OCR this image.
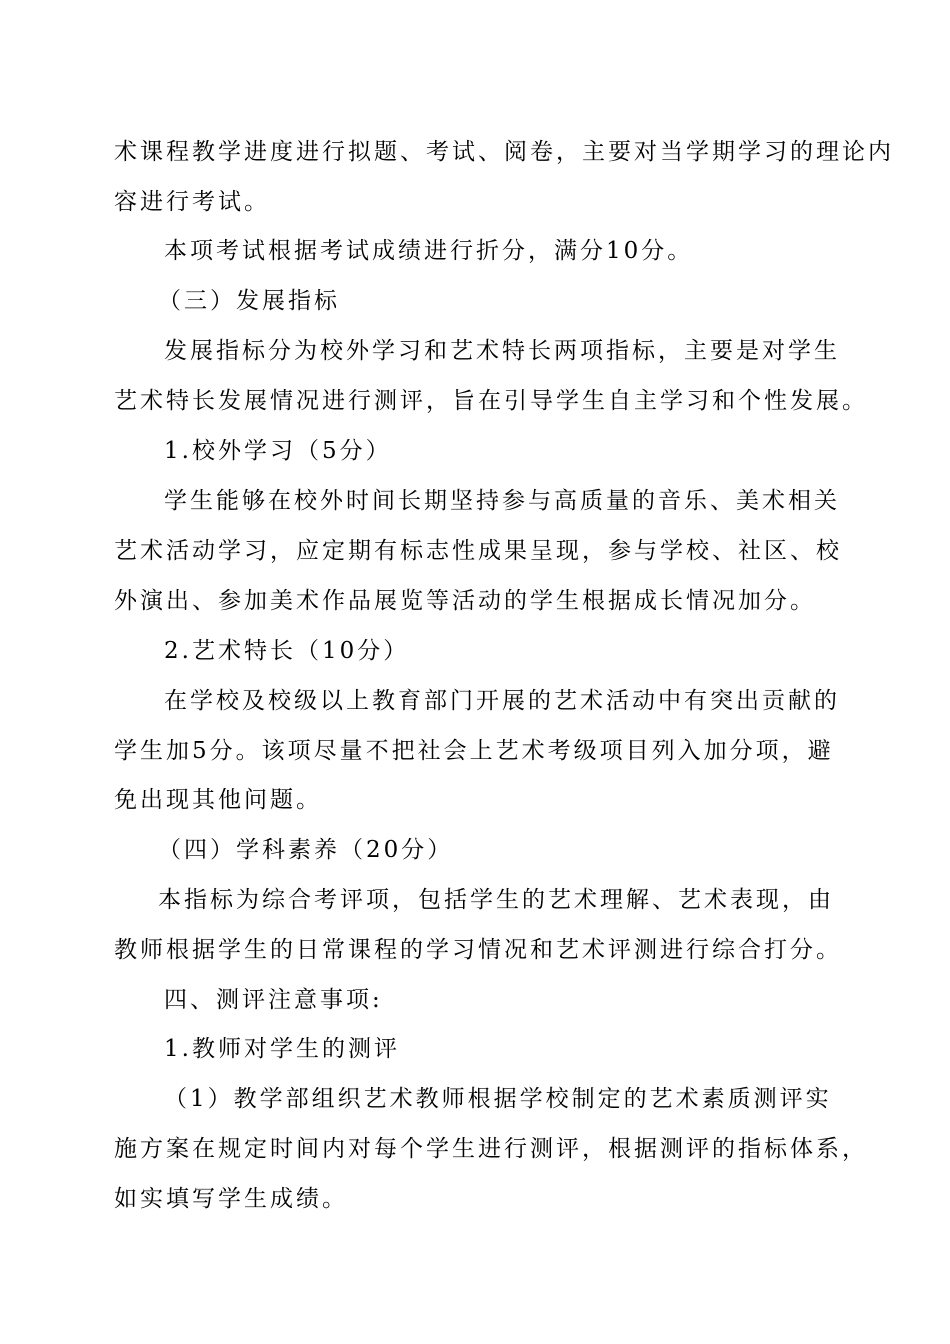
术课程教学进度进行拟题、考试、阅卷，主要对当学期学习的理论内
容进行考试。
本项考试根据考试成绩进行折分，满分10分。
（三）发展指标
发展指标分为校外学习和艺术特长两项指标，主要是对学生
艺术特长发展情况进行测评，旨在引导学生自主学习和个性发展。
1.校外学习（5分）
学生能够在校外时间长期坚持参与高质量的音乐、美术相关
艺术活动学习，应定期有标志性成果呈现，参与学校、社区、校
外演出、参加美术作品展览等活动的学生根据成长情况加分。
2.艺术特长（10分）
在学校及校级以上教育部门开展的艺术活动中有突出贡献的
学生加5分。该项尽量不把社会上艺术考级项目列入加分项，避
免出现其他问题。
（四）学科素养（20分）
本指标为综合考评项，包括学生的艺术理解、艺术表现，由
教师根据学生的日常课程的学习情况和艺术评测进行综合打分。
四、测评注意事项:
1.教师对学生的测评
（1）教学部组织艺术教师根据学校制定的艺术素质测评实
施方案在规定时间内对每个学生进行测评，根据测评的指标体系，
如实填写学生成绩。
